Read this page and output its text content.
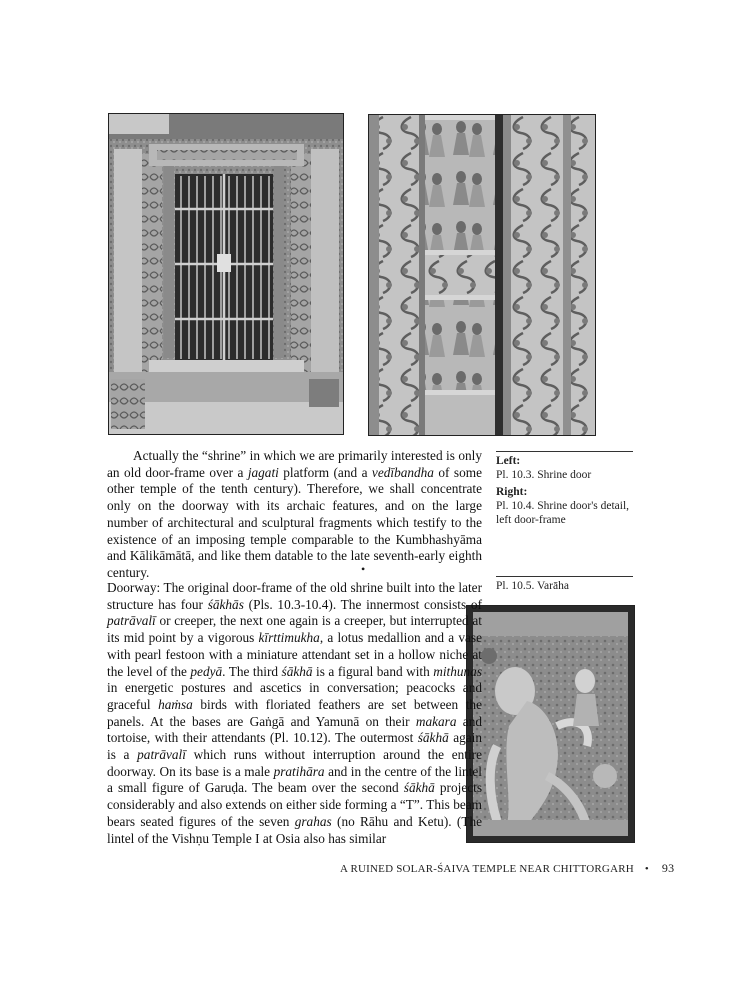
Left:
Pl. 10.3. Shrine door
Right:
Pl. 10.4. Shrine door's detail, left door-frame

Actually the “shrine” in which we are primarily interested is only an old door-frame over a jagati platform (and a vedībandha of some other temple of the tenth century). Therefore, we shall concentrate only on the doorway with its archaic features, and on the large number of architectural and sculptural fragments which testify to the existence of an imposing temple comparable to the Kumbhashyāma and Kālikāmātā, and like them datable to the late seventh-early eighth century.	•
Pl. 10.5. Varāha

Doorway: The original door-frame of the old shrine built into the later structure has four śākhās (Pls. 10.3-10.4). The innermost consists of patrāvalī or creeper, the next one again is a creeper, but interrupted at its mid point by a vigorous kīrttimukha, a lotus medallion and a vase with pearl festoon with a miniature attendant set in a hollow niche at the level of the pedyā. The third śākhā is a figural band with mithunas in energetic postures and ascetics in conversation; peacocks and graceful haṁsa birds with floriated feathers are set between the panels. At the bases are Gaṅgā and Yamunā on their makara and tortoise, with their attendants (Pl. 10.12). The outermost śākhā again is a patrāvalī which runs without interruption around the entire doorway. On its base is a male pratihāra and in the centre of the lintel a small figure of Garuḍa. The beam over the second śākhā projects considerably and also extends on either side forming a “T”. This beam bears seated figures of the seven grahas (no Rāhu and Ketu). (The lintel of the Vishṇu Temple I at Osia also has similar

A RUINED SOLAR-ŚAIVA TEMPLE NEAR CHITTORGARH • 93
